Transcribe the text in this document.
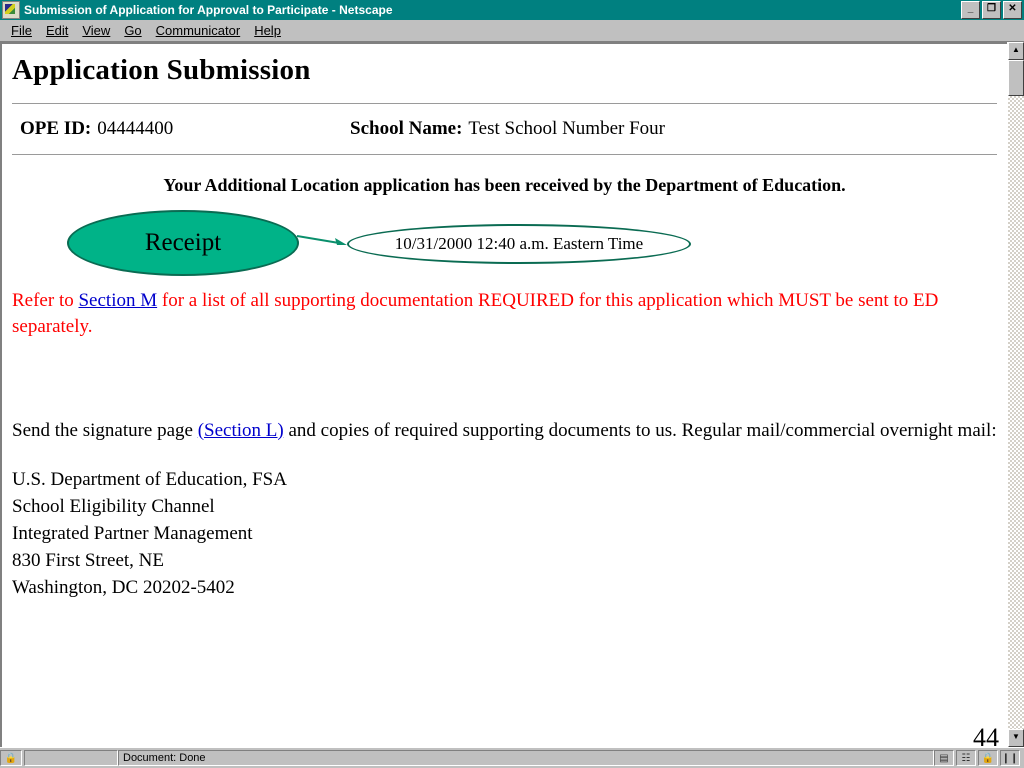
Submission of Application for Approval to Participate - Netscape	_	❐	✕
File	Edit	View	Go	Communicator	Help
Application Submission
OPE ID: 04444400	School Name: Test School Number Four
Your Additional Location application has been received by the Department of Education.
Receipt	10/31/2000 12:40 a.m. Eastern Time
Refer to Section M for a list of all supporting documentation REQUIRED for this application which MUST be sent to ED separately.
Send the signature page (Section L) and copies of required supporting documents to us. Regular mail/commercial overnight mail:
U.S. Department of Education, FSA
School Eligibility Channel
Integrated Partner Management
830 First Street, NE
Washington, DC 20202-5402
44
▲
▼
🔒	Document: Done	▤	☷	🔒 ❙❙
